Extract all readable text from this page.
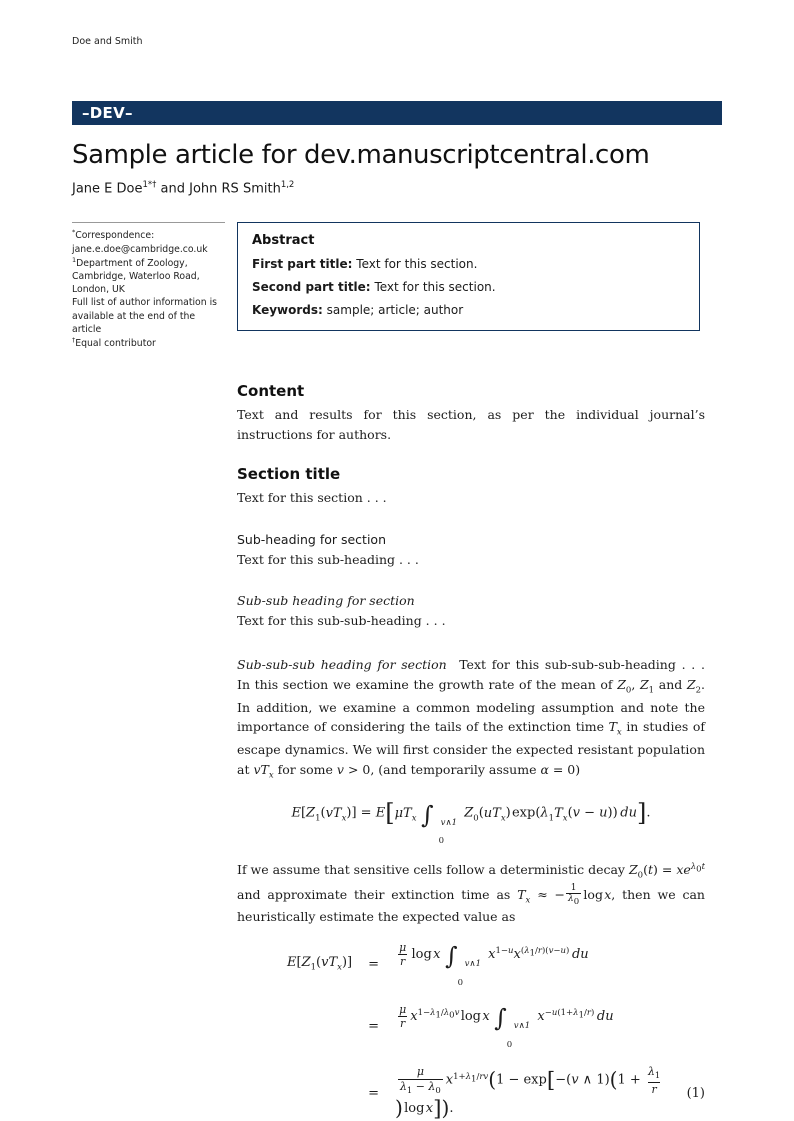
Doe and Smith
–DEV–
Sample article for dev.manuscriptcentral.com
Jane E Doe$^{1*\dagger}$ and John RS Smith$^{1,2}$
*Correspondence:
jane.e.doe@cambridge.co.uk
$^1$Department of Zoology,
Cambridge, Waterloo Road,
London, UK
Full list of author information is
available at the end of the article
†Equal contributor
Abstract
First part title: Text for this section.
Second part title: Text for this section.
Keywords: sample; article; author
Content

Text and results for this section, as per the individual journal’s instructions for authors.

Section title

Text for this section . . .

Sub-heading for section

Text for this sub-heading . . .

Sub-sub heading for section

Text for this sub-sub-heading . . .

Sub-sub-sub heading for section  Text for this sub-sub-sub-heading . . . In this section we examine the growth rate of the mean of $Z_0$, $Z_1$ and $Z_2$. In addition, we examine a common modeling assumption and note the importance of considering the tails of the extinction time $T_x$ in studies of escape dynamics. We will first consider the expected resistant population at $vT_x$ for some v > 0, (and temporarily assume α = 0)

$E[Z_1(vT_x)] = E[\mu T_x$  ∫ v∧1
0
$Z_0(uT_x)$ $\exp(\lambda_1T_x(v - u))$ du].

If we assume that sensitive cells follow a deterministic decay $Z_0(t) = xe^{\lambda_0t}$ and approximate their extinction time as $T_x$ ≈ − $\frac{1}{\lambda_0}$  log x, then we can heuristically estimate the expected value as

$E[Z_1(vT_x)] = \frac{\mu}{r}$  log x  ∫ v∧1
0
$x^{1-u}x^{(\lambda_1/r)(v-u)}$  du
= $\frac{\mu}{r} x^{1-\lambda_1/\lambda_0v}$ log x  ∫ v∧1
0
$x^{-u(1+\lambda_1/r)}$  du
= $\frac{\mu}{\lambda_1 - \lambda_0} x^{1+\lambda_1/rv}(1 - \exp[-(v$ ∧ $1)(1 + \frac{\lambda_1}{r}$
) log x]).
(1)
